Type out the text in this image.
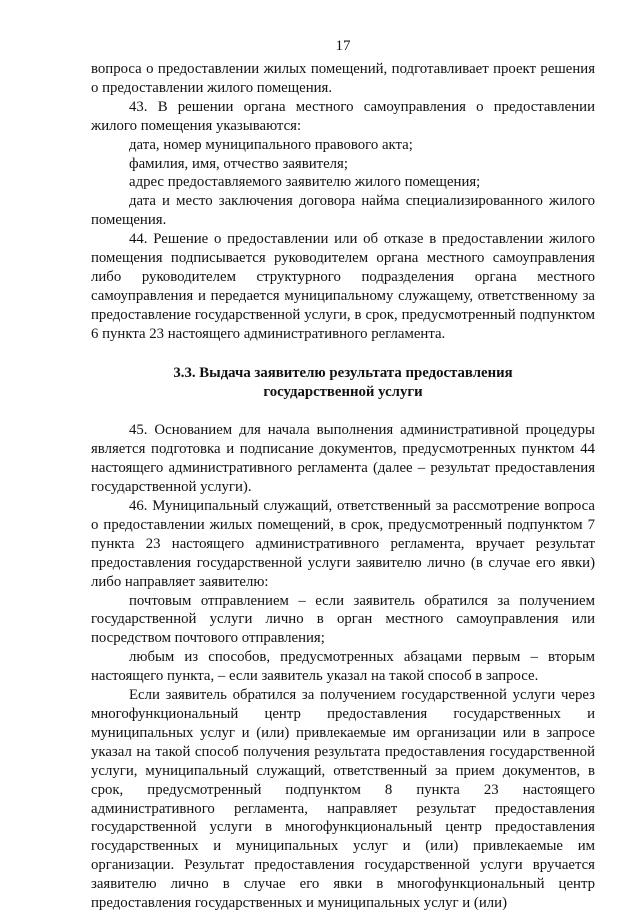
17

вопроса о предоставлении жилых помещений, подготавливает проект решения о предоставлении жилого помещения.

43. В решении органа местного самоуправления о предоставлении жилого помещения указываются:

дата, номер муниципального правового акта;

фамилия, имя, отчество заявителя;

адрес предоставляемого заявителю жилого помещения;

дата и место заключения договора найма специализированного жилого помещения.

44. Решение о предоставлении или об отказе в предоставлении жилого помещения подписывается руководителем органа местного самоуправления либо руководителем структурного подразделения органа местного самоуправления и передается муниципальному служащему, ответственному за предоставление государственной услуги, в срок, предусмотренный подпунктом 6 пункта 23 настоящего административного регламента.

3.3. Выдача заявителю результата предоставления
государственной услуги

45. Основанием для начала выполнения административной процедуры является подготовка и подписание документов, предусмотренных пунктом 44 настоящего административного регламента (далее – результат предоставления государственной услуги).

46. Муниципальный служащий, ответственный за рассмотрение вопроса о предоставлении жилых помещений, в срок, предусмотренный подпунктом 7 пункта 23 настоящего административного регламента, вручает результат предоставления государственной услуги заявителю лично (в случае его явки) либо направляет заявителю:

почтовым отправлением – если заявитель обратился за получением государственной услуги лично в орган местного самоуправления или посредством почтового отправления;

любым из способов, предусмотренных абзацами первым – вторым настоящего пункта, – если заявитель указал на такой способ в запросе.

Если заявитель обратился за получением государственной услуги через многофункциональный центр предоставления государственных и муниципальных услуг и (или) привлекаемые им организации или в запросе указал на такой способ получения результата предоставления государственной услуги, муниципальный служащий, ответственный за прием документов, в срок, предусмотренный подпунктом 8 пункта 23 настоящего административного регламента, направляет результат предоставления государственной услуги в многофункциональный центр предоставления государственных и муниципальных услуг и (или) привлекаемые им организации. Результат предоставления государственной услуги вручается заявителю лично в случае его явки в многофункциональный центр предоставления государственных и муниципальных услуг и (или)
